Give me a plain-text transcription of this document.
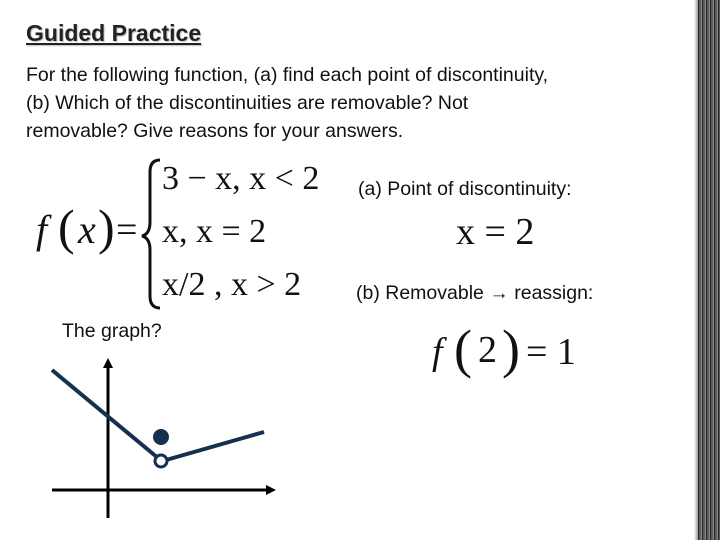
Guided Practice
For the following function, (a) find each point of discontinuity,
(b) Which of the discontinuities are removable? Not
removable? Give reasons for your answers.
f ( x ) =
3 − x, x < 2
x, x = 2
x/2 , x > 2
(a) Point of discontinuity:
x = 2
(b) Removable → reassign:
f ( 2 ) = 1
The graph?
